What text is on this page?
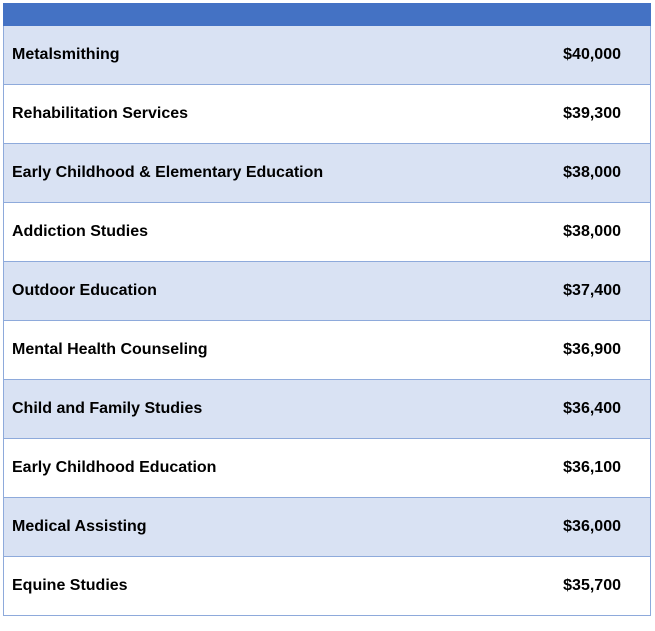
Metalsmithing	$40,000
Rehabilitation Services	$39,300
Early Childhood & Elementary Education	$38,000
Addiction Studies	$38,000
Outdoor Education	$37,400
Mental Health Counseling	$36,900
Child and Family Studies	$36,400
Early Childhood Education	$36,100
Medical Assisting	$36,000
Equine Studies	$35,700
